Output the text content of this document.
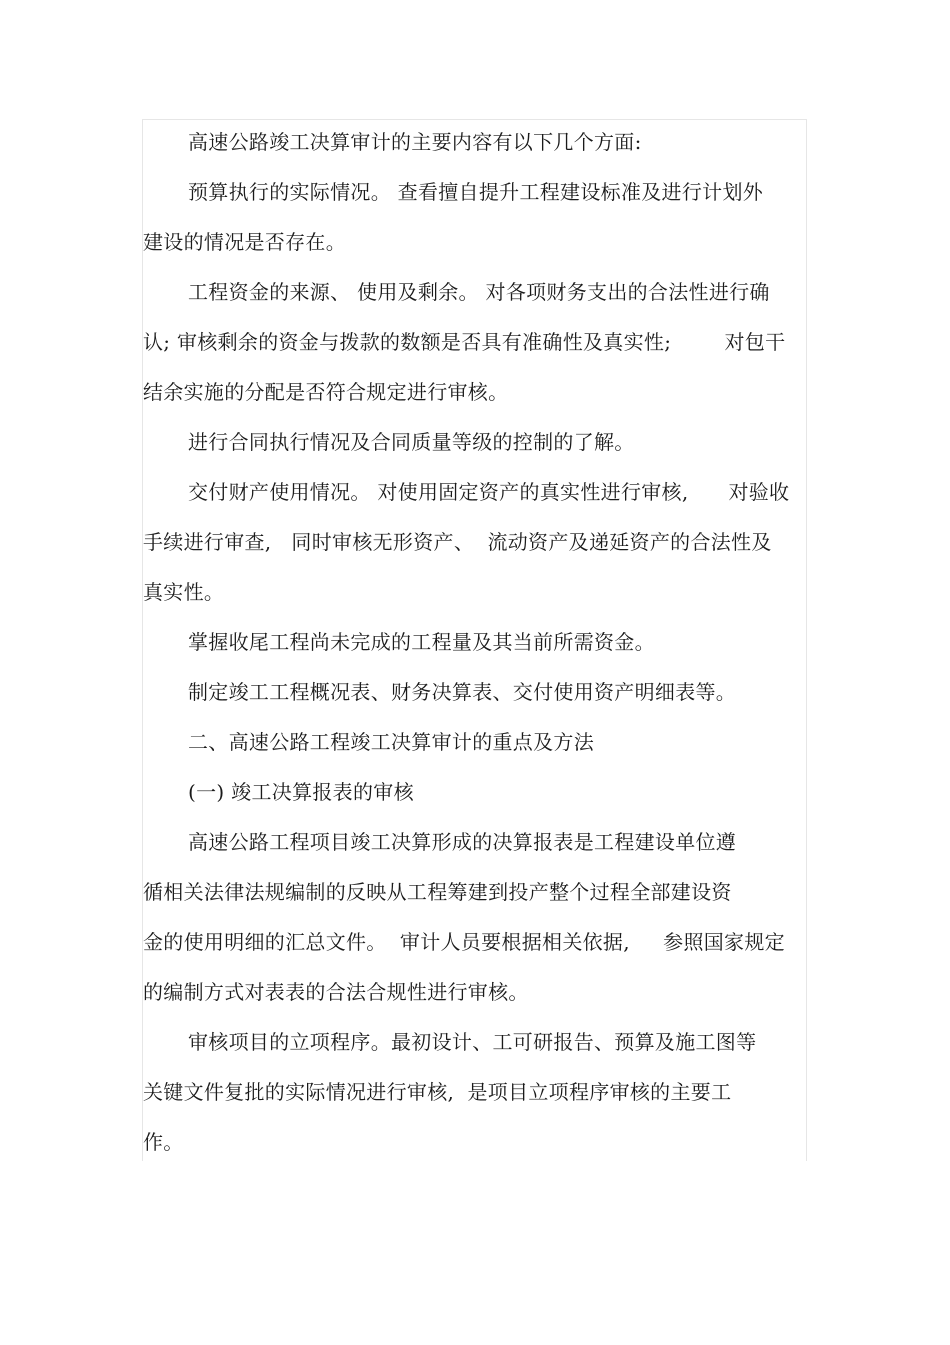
高速公路竣工决算审计的主要内容有以下几个方面:
预算执行的实际情况。 查看擅自提升工程建设标准及进行计划外
建设的情况是否存在。
工程资金的来源、 使用及剩余。 对各项财务支出的合法性进行确
认; 审核剩余的资金与拨款的数额是否具有准确性及真实性;        对包干
结余实施的分配是否符合规定进行审核。
进行合同执行情况及合同质量等级的控制的了解。
交付财产使用情况。 对使用固定资产的真实性进行审核,      对验收
手续进行审查,   同时审核无形资产、  流动资产及递延资产的合法性及
真实性。
掌握收尾工程尚未完成的工程量及其当前所需资金。
制定竣工工程概况表、财务决算表、交付使用资产明细表等。
二、高速公路工程竣工决算审计的重点及方法
(一) 竣工决算报表的审核
高速公路工程项目竣工决算形成的决算报表是工程建设单位遵
循相关法律法规编制的反映从工程筹建到投产整个过程全部建设资
金的使用明细的汇总文件。  审计人员要根据相关依据,     参照国家规定
的编制方式对表表的合法合规性进行审核。
审核项目的立项程序。最初设计、工可研报告、预算及施工图等
关键文件复批的实际情况进行审核,  是项目立项程序审核的主要工
作。
